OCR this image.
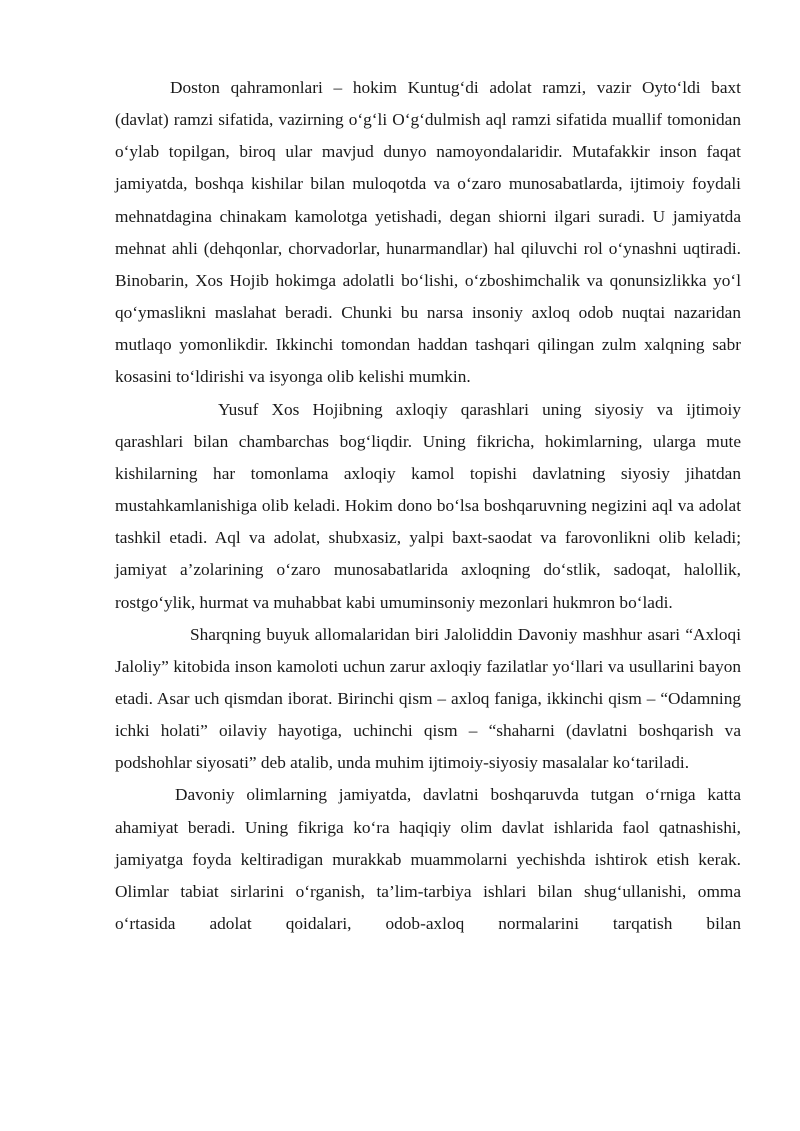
Doston qahramonlari – hokim Kuntug‘di adolat ramzi, vazir Oyto‘ldi baxt (davlat) ramzi sifatida, vazirning o‘g‘li O‘g‘dulmish aql ramzi sifatida muallif tomonidan o‘ylab topilgan, biroq ular mavjud dunyo namoyondalaridir. Mutafakkir inson faqat jamiyatda, boshqa kishilar bilan muloqotda va o‘zaro munosabatlarda, ijtimoiy foydali mehnatdagina chinakam kamolotga yetishadi, degan shiorni ilgari suradi. U jamiyatda mehnat ahli (dehqonlar, chorvadorlar, hunarmandlar) hal qiluvchi rol o‘ynashni uqtiradi. Binobarin, Xos Hojib hokimga adolatli bo‘lishi, o‘zboshimchalik va qonunsizlikka yo‘l qo‘ymaslikni maslahat beradi. Chunki bu narsa insoniy axloq odob nuqtai nazaridan mutlaqo yomonlikdir. Ikkinchi tomondan haddan tashqari qilingan zulm xalqning sabr kosasini to‘ldirishi va isyonga olib kelishi mumkin.

Yusuf Xos Hojibning axloqiy qarashlari uning siyosiy va ijtimoiy qarashlari bilan chambarchas bog‘liqdir. Uning fikricha, hokimlarning, ularga mute kishilarning har tomonlama axloqiy kamol topishi davlatning siyosiy jihatdan mustahkamlanishiga olib keladi. Hokim dono bo‘lsa boshqaruvning negizini aql va adolat tashkil etadi. Aql va adolat, shubxasiz, yalpi baxt-saodat va farovonlikni olib keladi; jamiyat a’zolarining o‘zaro munosabatlarida axloqning do‘stlik, sadoqat, halollik, rostgo‘ylik, hurmat va muhabbat kabi umuminsoniy mezonlari hukmron bo‘ladi.

Sharqning buyuk allomalaridan biri Jaloliddin Davoniy mashhur asari “Axloqi Jaloliy” kitobida inson kamoloti uchun zarur axloqiy fazilatlar yo‘llari va usullarini bayon etadi. Asar uch qismdan iborat. Birinchi qism – axloq faniga, ikkinchi qism – “Odamning ichki holati” oilaviy hayotiga, uchinchi qism – “shaharni (davlatni boshqarish va podshohlar siyosati” deb atalib, unda muhim ijtimoiy-siyosiy masalalar ko‘tariladi.

Davoniy olimlarning jamiyatda, davlatni boshqaruvda tutgan o‘rniga katta ahamiyat beradi. Uning fikriga ko‘ra haqiqiy olim davlat ishlarida faol qatnashishi, jamiyatga foyda keltiradigan murakkab muammolarni yechishda ishtirok etish kerak. Olimlar tabiat sirlarini o‘rganish, ta’lim-tarbiya ishlari bilan shug‘ullanishi, omma o‘rtasida adolat qoidalari, odob-axloq normalarini tarqatish bilan
